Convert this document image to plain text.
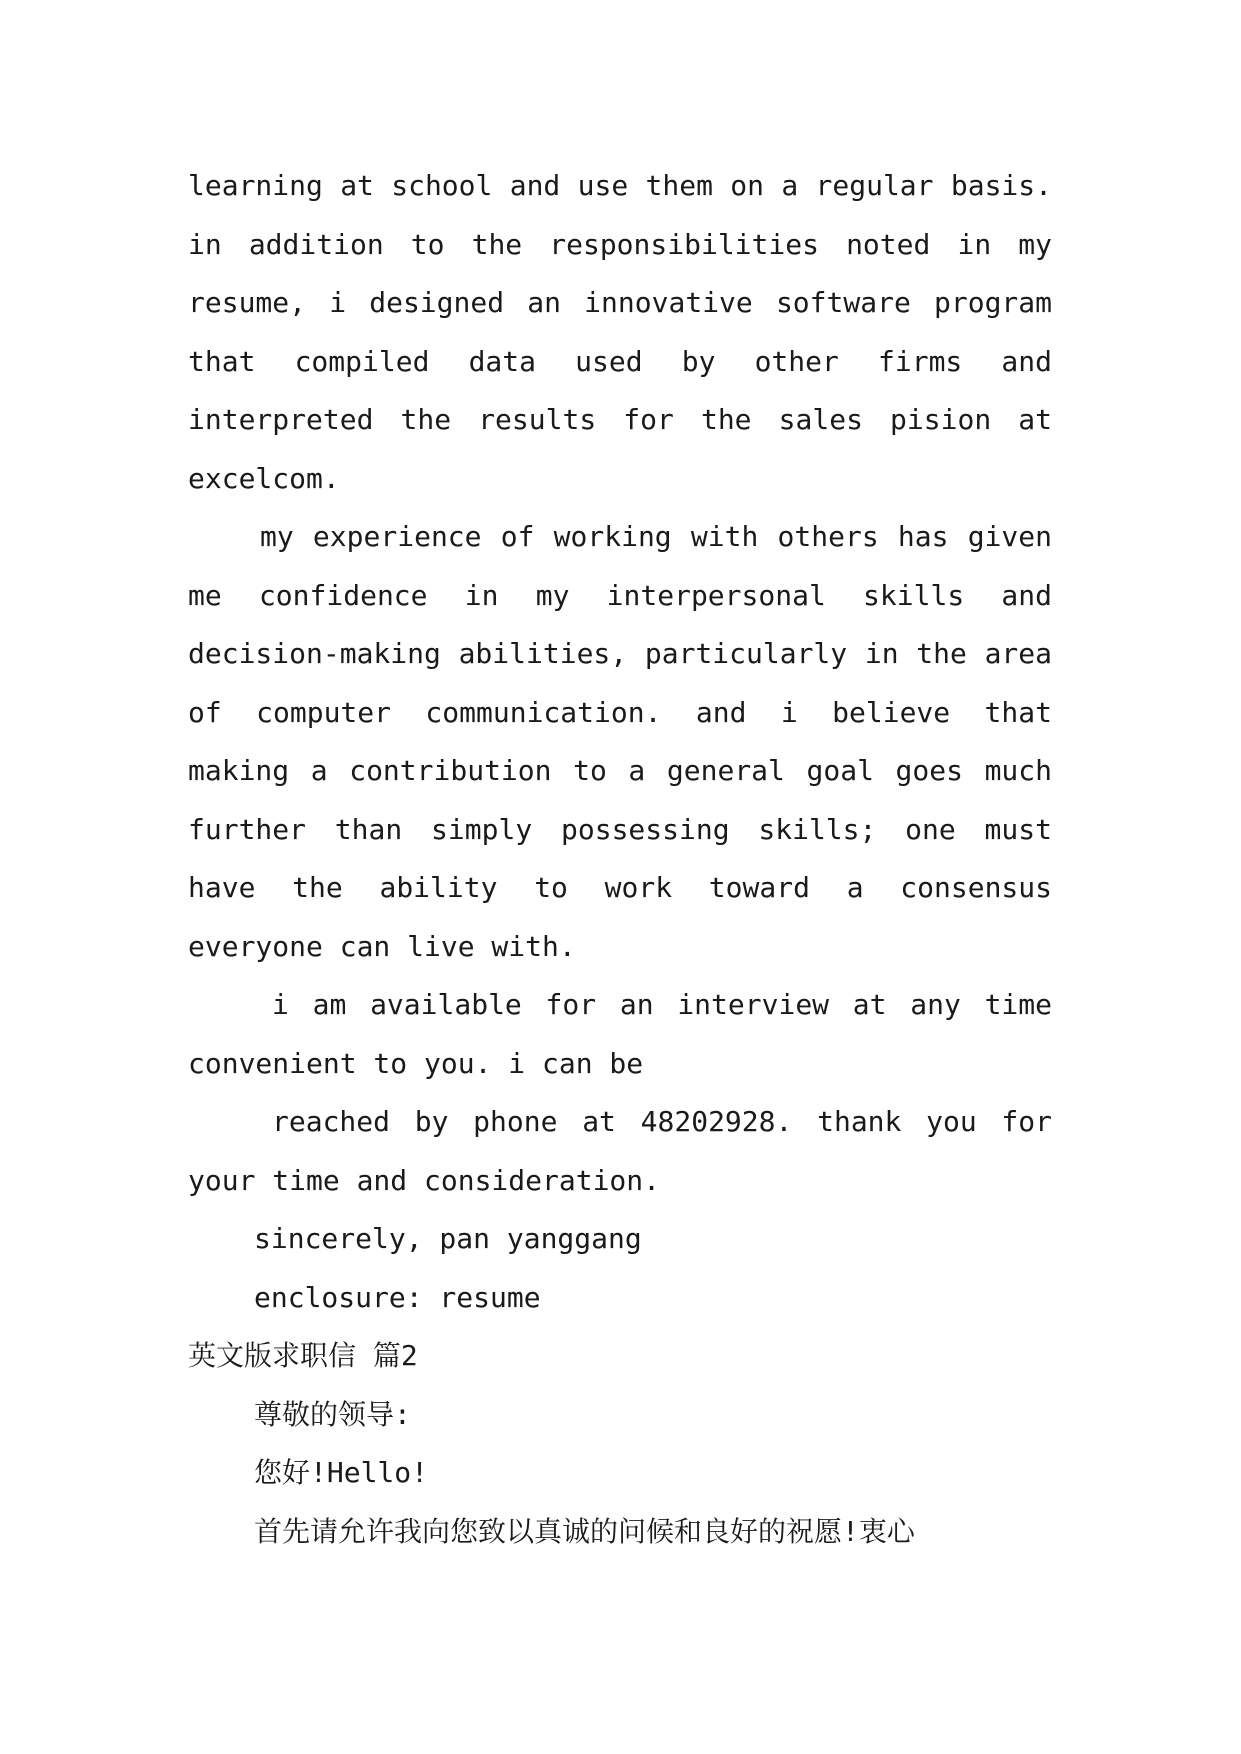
learning at school and use them on a regular basis. in addition to the responsibilities noted in my resume, i designed an innovative software program that compiled data used by other firms and interpreted the results for the sales pision at excelcom.

my experience of working with others has given me confidence in my interpersonal skills and decision-making abilities, particularly in the area of computer communication. and i believe that making a contribution to a general goal goes much further than simply possessing skills; one must have the ability to work toward a consensus everyone can live with.

i am available for an interview at any time convenient to you. i can be

reached by phone at 48202928. thank you for your time and consideration.

sincerely, pan yanggang

enclosure: resume

英文版求职信 篇2

尊敬的领导:

您好!Hello!

首先请允许我向您致以真诚的问候和良好的祝愿!衷心
